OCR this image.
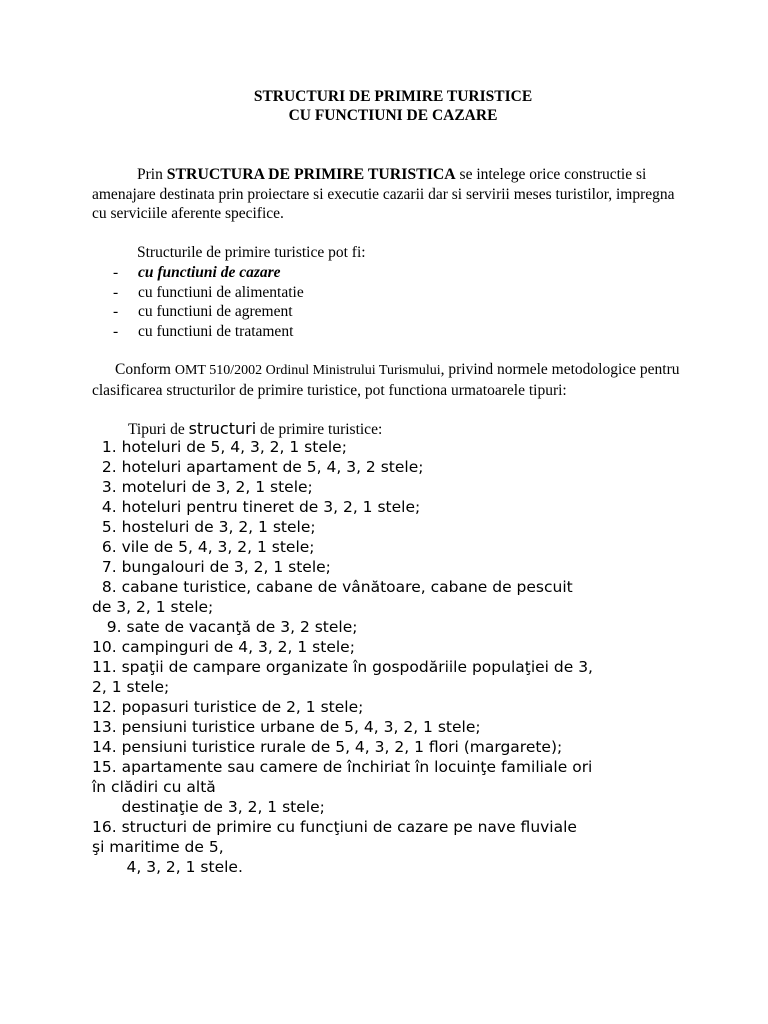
STRUCTURI DE PRIMIRE TURISTICE
CU FUNCTIUNI DE CAZARE
Prin STRUCTURA DE PRIMIRE TURISTICA se intelege orice constructie si amenajare destinata prin proiectare si executie cazarii dar si servirii meses turistilor, impregna cu serviciile aferente specifice.
Structurile de primire turistice pot fi:
- cu functiuni de cazare
- cu functiuni de alimentatie
- cu functiuni de agrement
- cu functiuni de tratament
Conform OMT 510/2002 Ordinul Ministrului Turismului, privind normele metodologice pentru clasificarea structurilor de primire turistice, pot functiona urmatoarele tipuri:
Tipuri de structuri de primire turistice:
1. hoteluri de 5, 4, 3, 2, 1 stele;
2. hoteluri apartament de 5, 4, 3, 2 stele;
3. moteluri de 3, 2, 1 stele;
4. hoteluri pentru tineret de 3, 2, 1 stele;
5. hosteluri de 3, 2, 1 stele;
6. vile de 5, 4, 3, 2, 1 stele;
7. bungalouri de 3, 2, 1 stele;
8. cabane turistice, cabane de vânătoare, cabane de pescuit
de 3, 2, 1 stele;
9. sate de vacanţă de 3, 2 stele;
10. campinguri de 4, 3, 2, 1 stele;
11. spaţii de campare organizate în gospodăriile populaţiei de 3,
2, 1 stele;
12. popasuri turistice de 2, 1 stele;
13. pensiuni turistice urbane de 5, 4, 3, 2, 1 stele;
14. pensiuni turistice rurale de 5, 4, 3, 2, 1 flori (margarete);
15. apartamente sau camere de închiriat în locuinţe familiale ori
în clădiri cu altă
destinaţie de 3, 2, 1 stele;
16. structuri de primire cu funcţiuni de cazare pe nave fluviale
şi maritime de 5,
4, 3, 2, 1 stele.
